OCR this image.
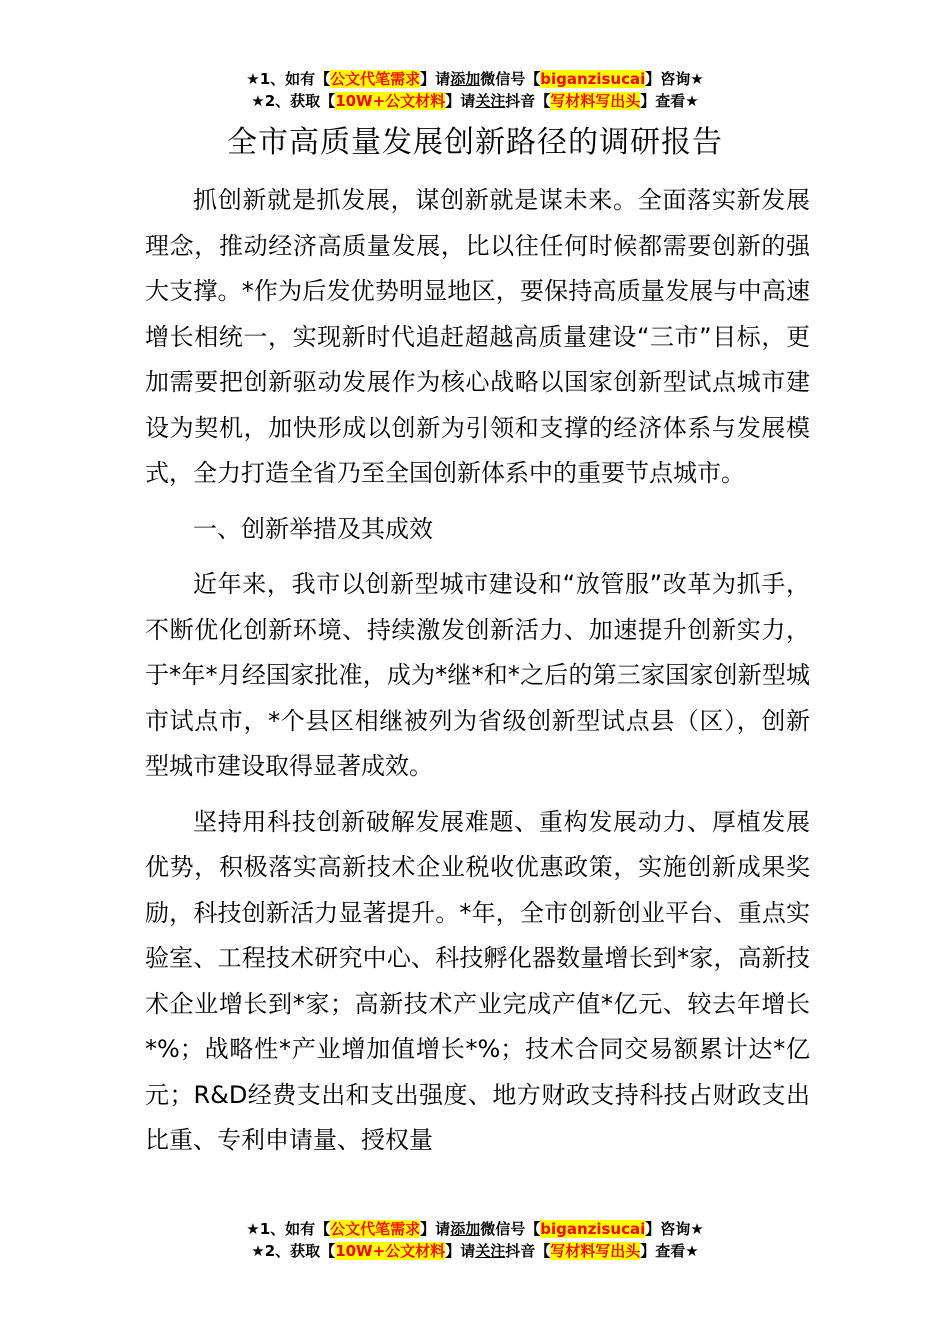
★1、如有【公文代笔需求】请添加微信号【biganzisucai】咨询★
★2、获取【10W+公文材料】请关注抖音【写材料写出头】查看★
全市高质量发展创新路径的调研报告

抓创新就是抓发展，谋创新就是谋未来。全面落实新发展理念，推动经济高质量发展，比以往任何时候都需要创新的强大支撑。*作为后发优势明显地区，要保持高质量发展与中高速增长相统一，实现新时代追赶超越高质量建设“三市”目标，更加需要把创新驱动发展作为核心战略以国家创新型试点城市建设为契机，加快形成以创新为引领和支撑的经济体系与发展模式，全力打造全省乃至全国创新体系中的重要节点城市。

一、创新举措及其成效

近年来，我市以创新型城市建设和“放管服”改革为抓手，不断优化创新环境、持续激发创新活力、加速提升创新实力，于*年*月经国家批准，成为*继*和*之后的第三家国家创新型城市试点市，*个县区相继被列为省级创新型试点县（区），创新型城市建设取得显著成效。

坚持用科技创新破解发展难题、重构发展动力、厚植发展优势，积极落实高新技术企业税收优惠政策，实施创新成果奖励，科技创新活力显著提升。*年，全市创新创业平台、重点实验室、工程技术研究中心、科技孵化器数量增长到*家，高新技术企业增长到*家；高新技术产业完成产值*亿元、较去年增长*%；战略性*产业增加值增长*%；技术合同交易额累计达*亿元；R&D经费支出和支出强度、地方财政支持科技占财政支出比重、专利申请量、授权量

★1、如有【公文代笔需求】请添加微信号【biganzisucai】咨询★
★2、获取【10W+公文材料】请关注抖音【写材料写出头】查看★
